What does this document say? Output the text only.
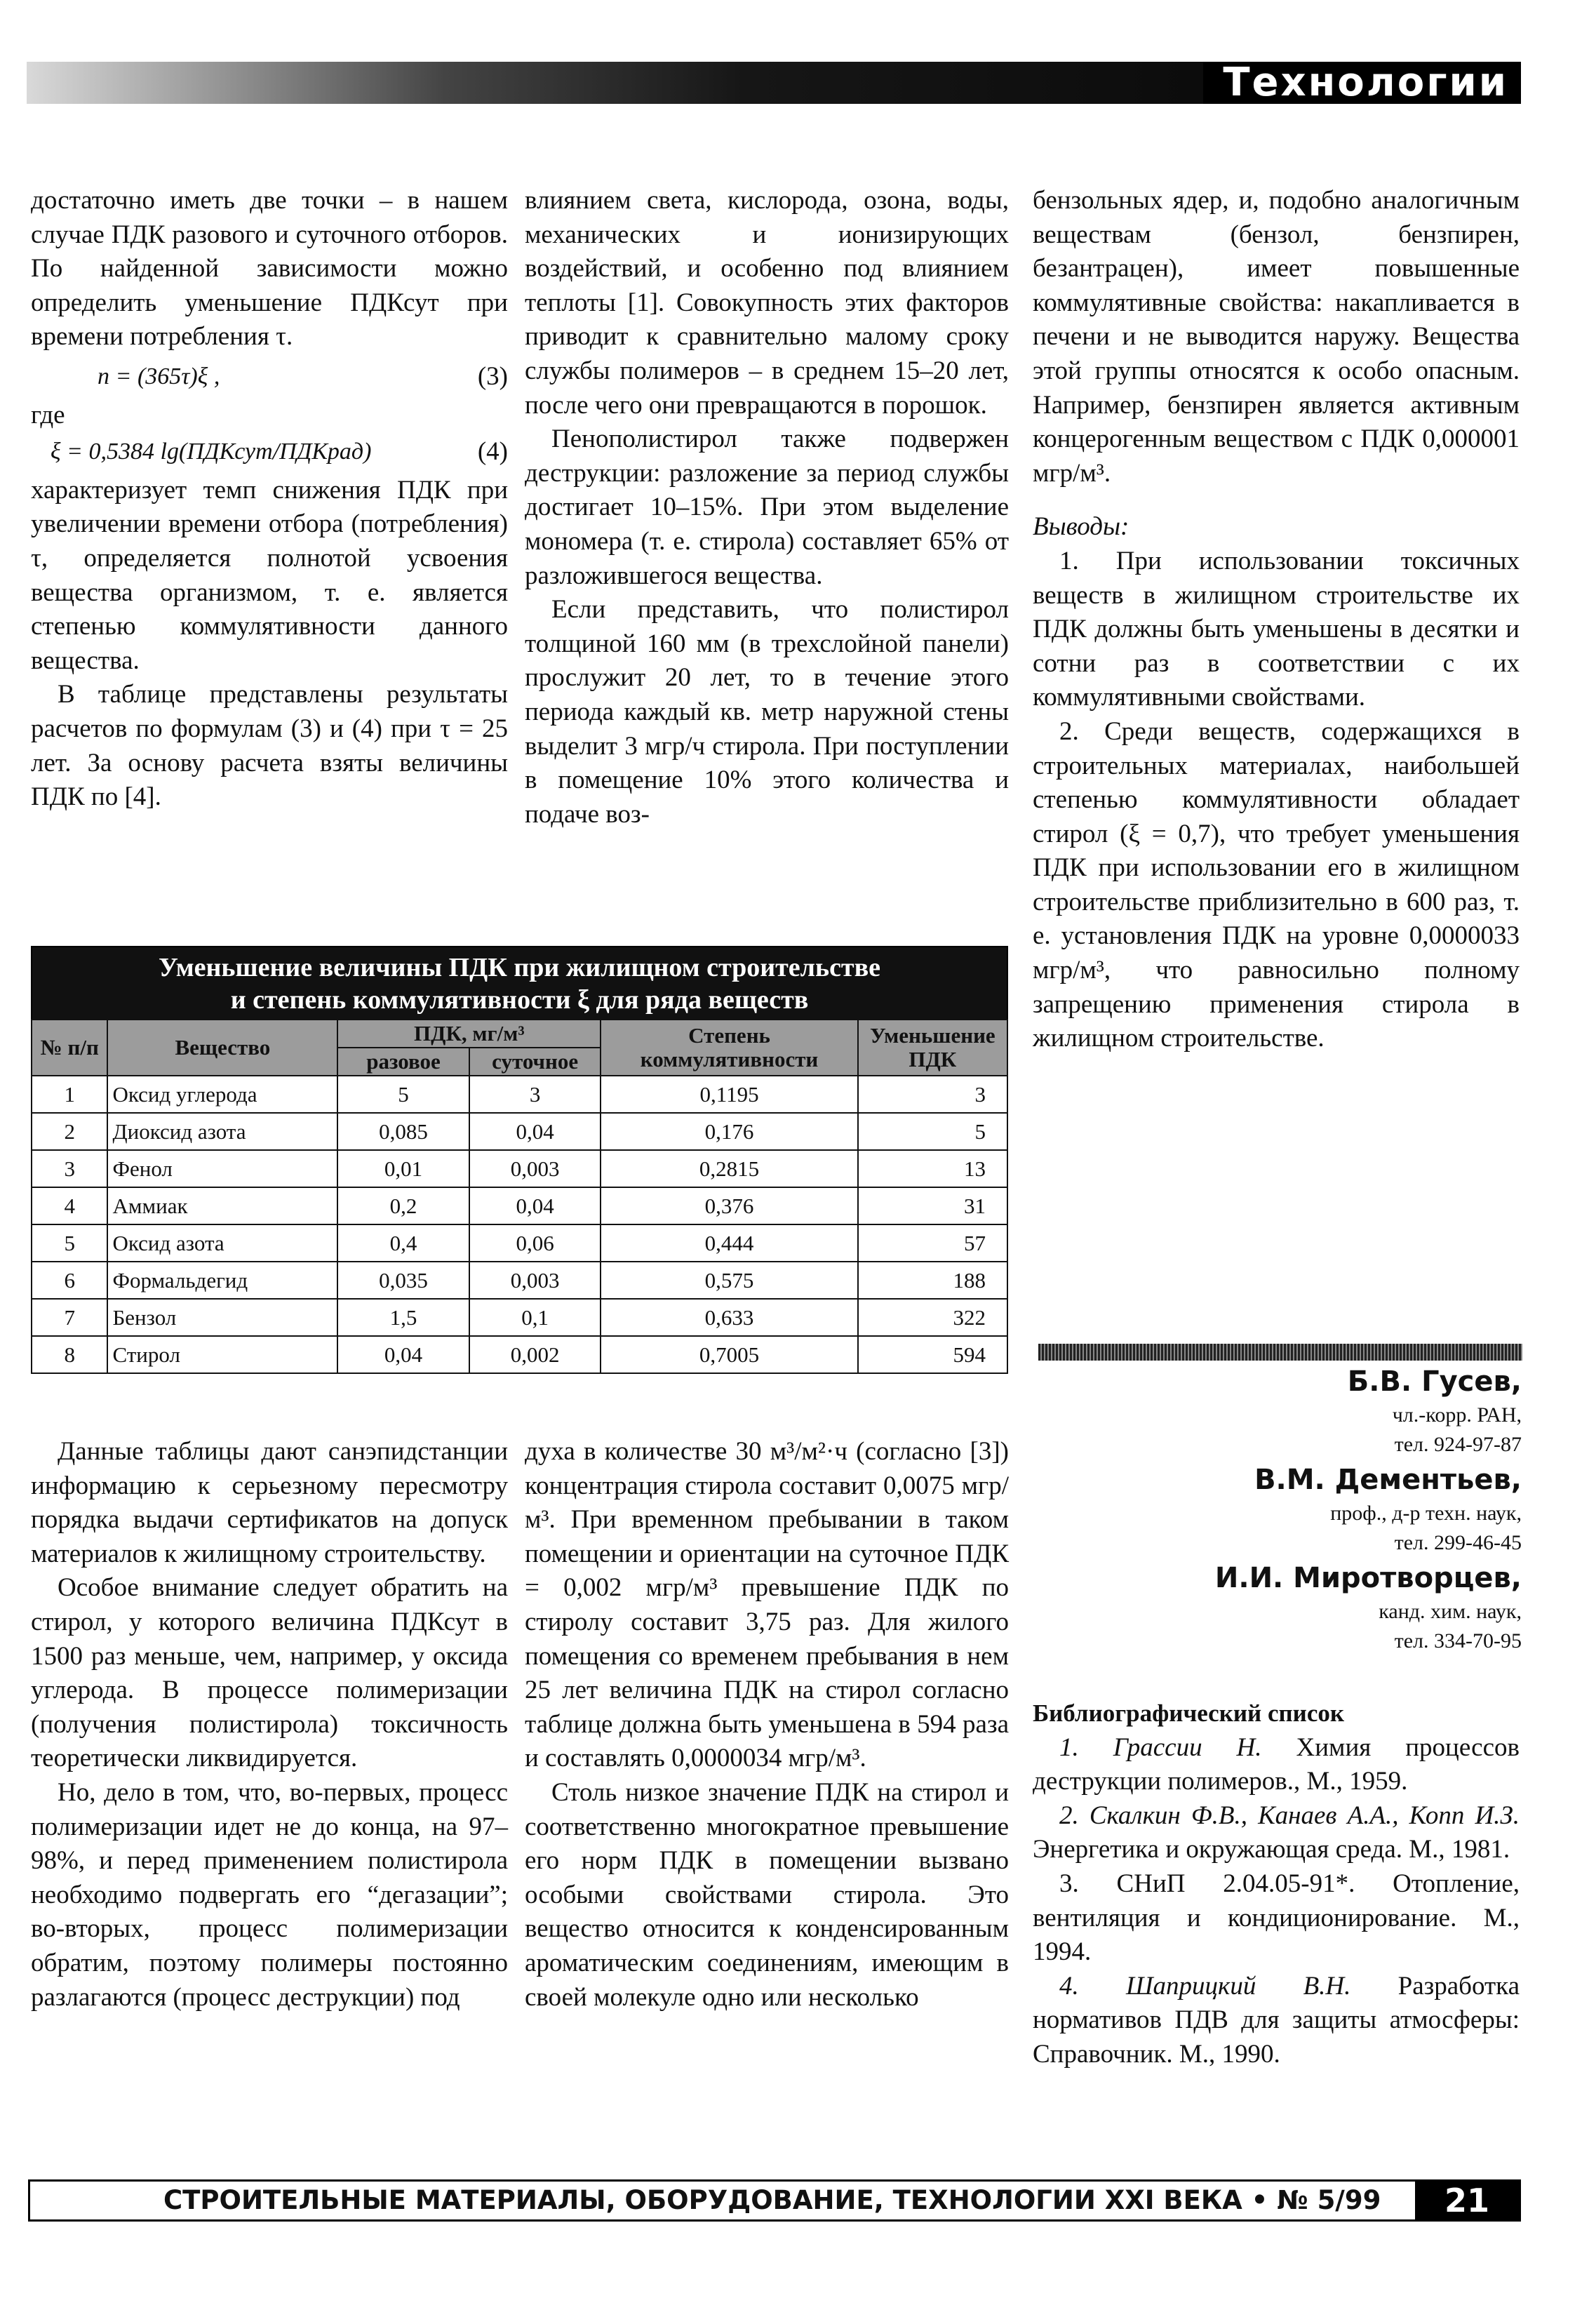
Технологии

достаточно иметь две точки – в нашем случае ПДК разового и суточного отборов. По найденной зависимости можно определить уменьшение ПДКсут при времени потребления τ.

n = (365τ)ξ ,	(3)

где

ξ = 0,5384 lg(ПДКсут/ПДКрад)	(4)

характеризует темп снижения ПДК при увеличении времени отбора (потребления) τ, определяется полнотой усвоения вещества организмом, т. е. является степенью коммулятивности данного вещества.

В таблице представлены результаты расчетов по формулам (3) и (4) при τ = 25 лет. За основу расчета взяты величины ПДК по [4].

влиянием света, кислорода, озона, воды, механических и ионизирующих воздействий, и особенно под влиянием теплоты [1]. Совокупность этих факторов приводит к сравнительно малому сроку службы полимеров – в среднем 15–20 лет, после чего они превращаются в порошок.

Пенополистирол также подвержен деструкции: разложение за период службы достигает 10–15%. При этом выделение мономера (т. е. стирола) составляет 65% от разложившегося вещества.

Если представить, что полистирол толщиной 160 мм (в трехслойной панели) прослужит 20 лет, то в течение этого периода каждый кв. метр наружной стены выделит 3 мгр/ч стирола. При поступлении в помещение 10% этого количества и подаче воз-

бензольных ядер, и, подобно аналогичным веществам (бензол, бензпирен, безантрацен), имеет повышенные коммулятивные свойства: накапливается в печени и не выводится наружу. Вещества этой группы относятся к особо опасным. Например, бензпирен является активным концерогенным веществом с ПДК 0,000001 мгр/м³.

Выводы:

1. При использовании токсичных веществ в жилищном строительстве их ПДК должны быть уменьшены в десятки и сотни раз в соответствии с их коммулятивными свойствами.

2. Среди веществ, содержащихся в строительных материалах, наибольшей степенью коммулятивности обладает стирол (ξ = 0,7), что требует уменьшения ПДК при использовании его в жилищном строительстве приблизительно в 600 раз, т. е. установления ПДК на уровне 0,0000033 мгр/м³, что равносильно полному запрещению применения стирола в жилищном строительстве.

Уменьшение величины ПДК при жилищном строительстве
и степень коммулятивности ξ для ряда веществ
№ п/п	Вещество	ПДК, мг/м³		Степень коммулятивности	Уменьшение ПДК
		разовое	суточное		
1	Оксид углерода	5	3	0,1195	3
2	Диоксид азота	0,085	0,04	0,176	5
3	Фенол	0,01	0,003	0,2815	13
4	Аммиак	0,2	0,04	0,376	31
5	Оксид азота	0,4	0,06	0,444	57
6	Формальдегид	0,035	0,003	0,575	188
7	Бензол	1,5	0,1	0,633	322
8	Стирол	0,04	0,002	0,7005	594

Данные таблицы дают санэпидстанции информацию к серьезному пересмотру порядка выдачи сертификатов на допуск материалов к жилищному строительству.

Особое внимание следует обратить на стирол, у которого величина ПДКсут в 1500 раз меньше, чем, например, у оксида углерода. В процессе полимеризации (получения полистирола) токсичность теоретически ликвидируется.

Но, дело в том, что, во-первых, процесс полимеризации идет не до конца, на 97–98%, и перед применением полистирола необходимо подвергать его “дегазации”; во-вторых, процесс полимеризации обратим, поэтому полимеры постоянно разлагаются (процесс деструкции) под

духа в количестве 30 м³/м²·ч (согласно [3]) концентрация стирола составит 0,0075 мгр/м³. При временном пребывании в таком помещении и ориентации на суточное ПДК = 0,002 мгр/м³ превышение ПДК по стиролу составит 3,75 раз. Для жилого помещения со временем пребывания в нем 25 лет величина ПДК на стирол согласно таблице должна быть уменьшена в 594 раза и составлять 0,0000034 мгр/м³.

Столь низкое значение ПДК на стирол и соответственно многократное превышение его норм ПДК в помещении вызвано особыми свойствами стирола. Это вещество относится к конденсированным ароматическим соединениям, имеющим в своей молекуле одно или несколько

Б.В. Гусев,
чл.-корр. РАН,
тел. 924-97-87
В.М. Дементьев,
проф., д-р техн. наук,
тел. 299-46-45
И.И. Миротворцев,
канд. хим. наук,
тел. 334-70-95

Библиографический список

1. Грассии Н. Химия процессов деструкции полимеров., М., 1959.

2. Скалкин Ф.В., Канаев А.А., Копп И.З. Энергетика и окружающая среда. М., 1981.

3. СНиП 2.04.05-91*. Отопление, вентиляция и кондиционирование. М., 1994.

4. Шаприцкий В.Н. Разработка нормативов ПДВ для защиты атмосферы: Справочник. М., 1990.

СТРОИТЕЛЬНЫЕ МАТЕРИАЛЫ, ОБОРУДОВАНИЕ, ТЕХНОЛОГИИ XXI ВЕКА • № 5/99	21
